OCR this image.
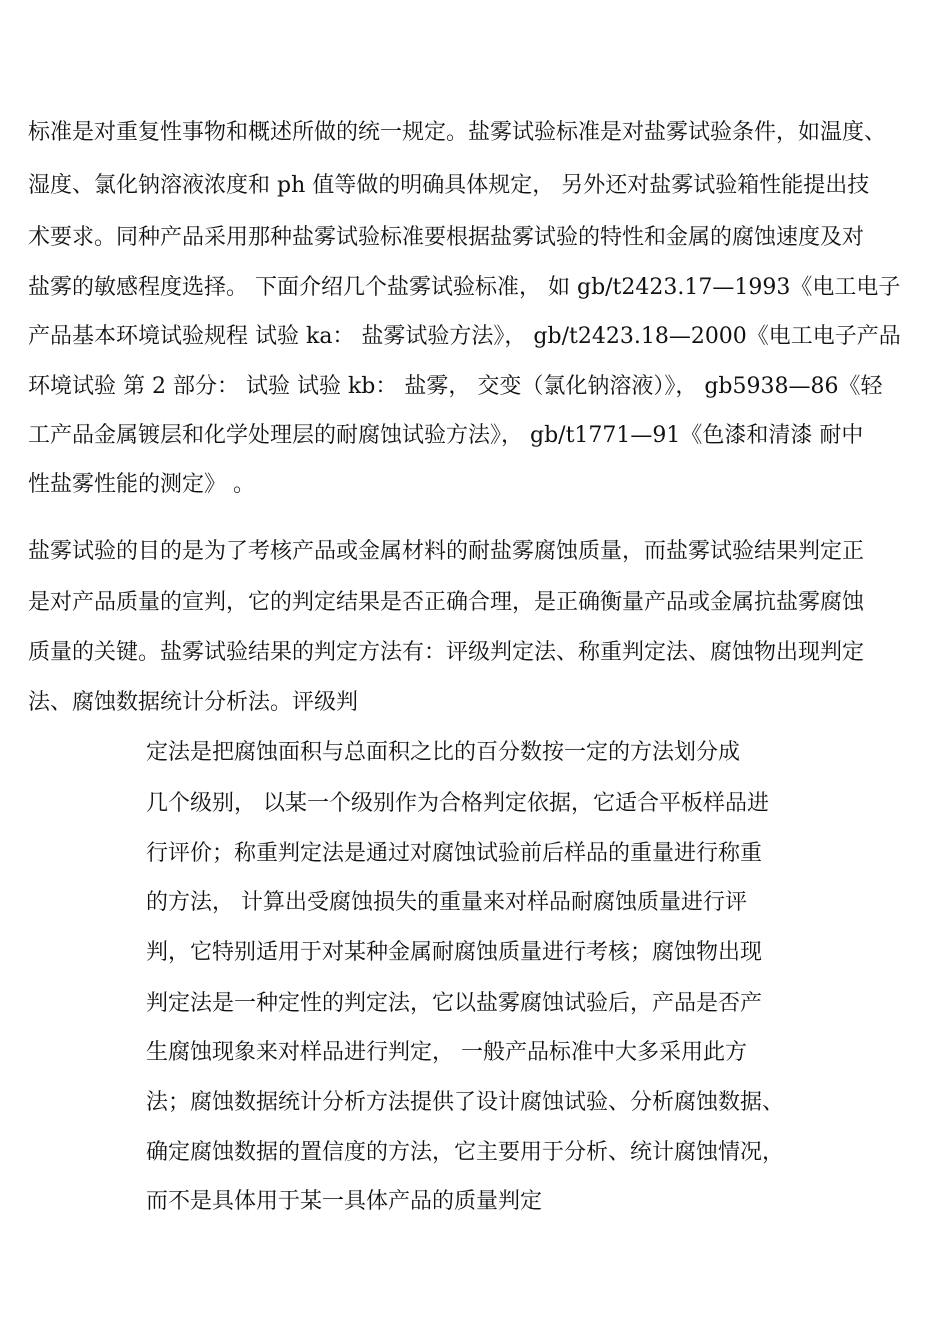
标准是对重复性事物和概述所做的统一规定。盐雾试验标准是对盐雾试验条件，如温度、
湿度、氯化钠溶液浓度和 ph 值等做的明确具体规定， 另外还对盐雾试验箱性能提出技
术要求。同种产品采用那种盐雾试验标准要根据盐雾试验的特性和金属的腐蚀速度及对
盐雾的敏感程度选择。 下面介绍几个盐雾试验标准， 如 gb/t2423.17—1993《电工电子
产品基本环境试验规程 试验 ka： 盐雾试验方法》， gb/t2423.18—2000《电工电子产品
环境试验 第 2 部分： 试验 试验 kb： 盐雾， 交变（氯化钠溶液）》， gb5938—86《轻
工产品金属镀层和化学处理层的耐腐蚀试验方法》， gb/t1771—91《色漆和清漆 耐中
性盐雾性能的测定》 。
盐雾试验的目的是为了考核产品或金属材料的耐盐雾腐蚀质量，而盐雾试验结果判定正
是对产品质量的宣判，它的判定结果是否正确合理，是正确衡量产品或金属抗盐雾腐蚀
质量的关键。盐雾试验结果的判定方法有：评级判定法、称重判定法、腐蚀物出现判定
法、腐蚀数据统计分析法。评级判
定法是把腐蚀面积与总面积之比的百分数按一定的方法划分成
几个级别， 以某一个级别作为合格判定依据，它适合平板样品进
行评价；称重判定法是通过对腐蚀试验前后样品的重量进行称重
的方法， 计算出受腐蚀损失的重量来对样品耐腐蚀质量进行评
判，它特别适用于对某种金属耐腐蚀质量进行考核；腐蚀物出现
判定法是一种定性的判定法，它以盐雾腐蚀试验后，产品是否产
生腐蚀现象来对样品进行判定， 一般产品标准中大多采用此方
法；腐蚀数据统计分析方法提供了设计腐蚀试验、分析腐蚀数据、
确定腐蚀数据的置信度的方法，它主要用于分析、统计腐蚀情况，
而不是具体用于某一具体产品的质量判定
